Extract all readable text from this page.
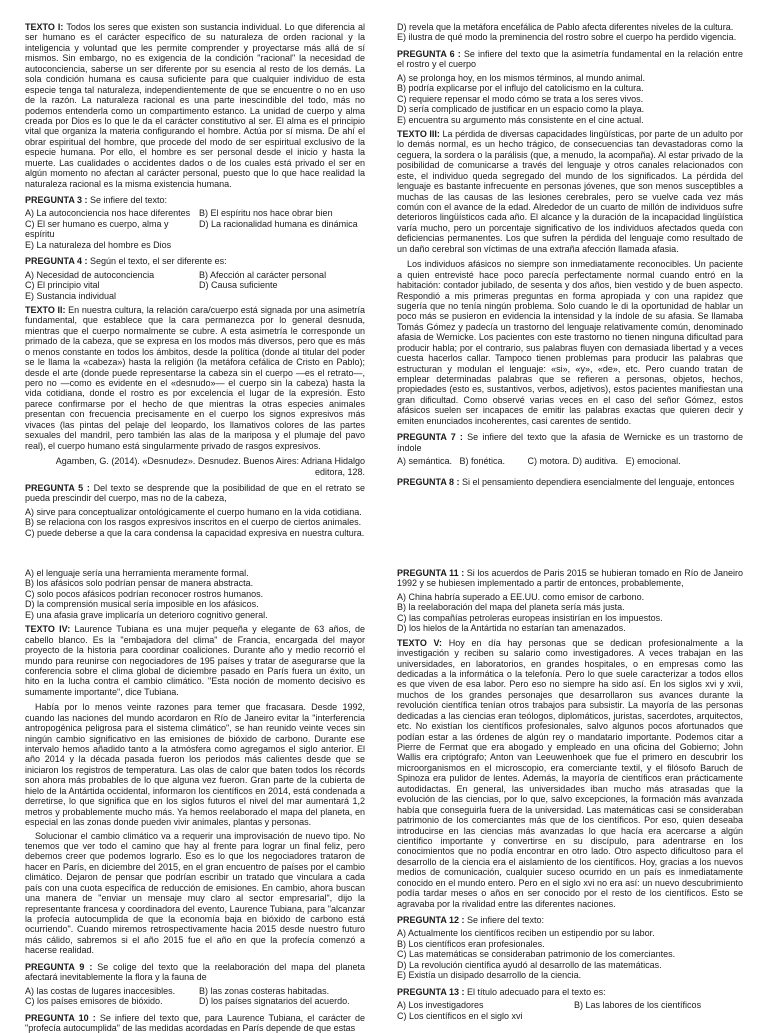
TEXTO I: Todos los seres que existen son sustancia individual. Lo que diferencia al ser humano es el carácter específico de su naturaleza de orden racional y la inteligencia y voluntad que les permite comprender y proyectarse más allá de sí mismos. Sin embargo, no es exigencia de la condición "racional" la necesidad de autoconciencia, saberse un ser diferente por su esencia al resto de los demás. La sola condición humana es causa suficiente para que cualquier individuo de esta especie tenga tal naturaleza, independientemente de que se encuentre o no en uso de la razón. La naturaleza racional es una parte inescindible del todo, más no podemos entenderla como un compartimento estanco. La unidad de cuerpo y alma creada por Dios es lo que le da el carácter constitutivo al ser. El alma es el principio vital que organiza la materia configurando el hombre. Actúa por sí misma. De ahí el obrar espiritual del hombre, que procede del modo de ser espiritual exclusivo de la especie humana. Por ello, el hombre es ser personal desde el inicio y hasta la muerte. Las cualidades o accidentes dados o de los cuales está privado el ser en algún momento no afectan al carácter personal, puesto que lo que hace realidad la naturaleza racional es la misma existencia humana.

PREGUNTA 3 : Se infiere del texto:
A) La autoconciencia nos hace diferentes B) El espíritu nos hace obrar bien
C) El ser humano es cuerpo, alma y espíritu
D) La racionalidad humana es dinámica
E) La naturaleza del hombre es Dios
PREGUNTA 4 : Según el texto, el ser diferente es:
A) Necesidad de autoconciencia	B) Afección al carácter personal
C) El principio vital	D) Causa suficiente
E) Sustancia individual

TEXTO II: En nuestra cultura, la relación cara/cuerpo está signada por una asimetría fundamental, que establece que la cara permanezca por lo general desnuda, mientras que el cuerpo normalmente se cubre. A esta asimetría le corresponde un primado de la cabeza, que se expresa en los modos más diversos, pero que es más o menos constante en todos los ámbitos, desde la política (donde al titular del poder se le llama la «cabeza») hasta la religión (la metáfora cefálica de Cristo en Pablo); desde el arte (donde puede representarse la cabeza sin el cuerpo —es el retrato—, pero no —como es evidente en el «desnudo»— el cuerpo sin la cabeza) hasta la vida cotidiana, donde el rostro es por excelencia el lugar de la expresión. Esto parece confirmarse por el hecho de que mientras la otras especies animales presentan con frecuencia precisamente en el cuerpo los signos expresivos más vivaces (las pintas del pelaje del leopardo, los llamativos colores de las partes sexuales del mandril, pero también las alas de la mariposa y el plumaje del pavo real), el cuerpo humano está singularmente privado de rasgos expresivos.

Agamben, G. (2014). «Desnudez». Desnudez. Buenos Aires: Adriana Hidalgo
editora, 128.
PREGUNTA 5 : Del texto se desprende que la posibilidad de que en el retrato se pueda prescindir del cuerpo, mas no de la cabeza,
A) sirve para conceptualizar ontológicamente el cuerpo humano en la vida cotidiana.
B) se relaciona con los rasgos expresivos inscritos en el cuerpo de ciertos animales.
C) puede deberse a que la cara condensa la capacidad expresiva en nuestra cultura.
D) revela que la metáfora encefálica de Pablo afecta diferentes niveles de la cultura.
E) ilustra de qué modo la preminencia del rostro sobre el cuerpo ha perdido vigencia.
PREGUNTA 6 : Se infiere del texto que la asimetría fundamental en la relación entre el rostro y el cuerpo
A) se prolonga hoy, en los mismos términos, al mundo animal.
B) podría explicarse por el influjo del catolicismo en la cultura.
C) requiere repensar el modo cómo se trata a los seres vivos.
D) sería complicado de justificar en un espacio como la playa.
E) encuentra su argumento más consistente en el cine actual.

TEXTO III: La pérdida de diversas capacidades lingüísticas, por parte de un adulto por lo demás normal, es un hecho trágico, de consecuencias tan devastadoras como la ceguera, la sordera o la parálisis (que, a menudo, la acompaña). Al estar privado de la posibilidad de comunicarse a través del lenguaje y otros canales relacionados con este, el individuo queda segregado del mundo de los significados. La pérdida del lenguaje es bastante infrecuente en personas jóvenes, que son menos susceptibles a muchas de las causas de las lesiones cerebrales, pero se vuelve cada vez más común con el avance de la edad. Alrededor de un cuarto de millón de individuos sufre deterioros lingüísticos cada año. El alcance y la duración de la incapacidad lingüística varía mucho, pero un porcentaje significativo de los individuos afectados queda con deficiencias permanentes. Los que sufren la pérdida del lenguaje como resultado de un daño cerebral son víctimas de una extraña afección llamada afasia.

Los individuos afásicos no siempre son inmediatamente reconocibles. Un paciente a quien entrevisté hace poco parecía perfectamente normal cuando entró en la habitación: contador jubilado, de sesenta y dos años, bien vestido y de buen aspecto. Respondió a mis primeras preguntas en forma apropiada y con una rapidez que sugería que no tenía ningún problema. Solo cuando le di la oportunidad de hablar un poco más se pusieron en evidencia la intensidad y la índole de su afasia. Se llamaba Tomás Gómez y padecía un trastorno del lenguaje relativamente común, denominado afasia de Wernicke. Los pacientes con este trastorno no tienen ninguna dificultad para producir habla; por el contrario, sus palabras fluyen con demasiada libertad y a veces cuesta hacerlos callar. Tampoco tienen problemas para producir las palabras que estructuran y modulan el lenguaje: «si», «y», «de», etc. Pero cuando tratan de emplear determinadas palabras que se refieren a personas, objetos, hechos, propiedades (esto es, sustantivos, verbos, adjetivos), estos pacientes manifiestan una gran dificultad. Como observé varias veces en el caso del señor Gómez, estos afásicos suelen ser incapaces de emitir las palabras exactas que quieren decir y emiten enunciados incoherentes, casi carentes de sentido.

PREGUNTA 7 : Se infiere del texto que la afasia de Wernicke es un trastorno de índole
A) semántica.   B) fonética.         C) motora. D) auditiva.   E) emocional.
PREGUNTA 8 : Si el pensamiento dependiera esencialmente del lenguaje, entonces
A) el lenguaje sería una herramienta meramente formal.
B) los afásicos solo podrían pensar de manera abstracta.
C) solo pocos afásicos podrían reconocer rostros humanos.
D) la comprensión musical sería imposible en los afásicos.
E) una afasia grave implicaría un deterioro cognitivo general.

TEXTO IV: Laurence Tubiana es una mujer pequeña y elegante de 63 años, de cabello blanco. Es la "embajadora del clima" de Francia, encargada del mayor proyecto de la historia para coordinar coaliciones. Durante año y medio recorrió el mundo para reunirse con negociadores de 195 países y tratar de asegurarse que la conferencia sobre el clima global de diciembre pasado en París fuera un éxito, un hito en la lucha contra el cambio climático. "Esta noción de momento decisivo es sumamente importante", dice Tubiana.

Había por lo menos veinte razones para temer que fracasara. Desde 1992, cuando las naciones del mundo acordaron en Río de Janeiro evitar la "interferencia antropogénica peligrosa para el sistema climático", se han reunido veinte veces sin ningún cambio significativo en las emisiones de bióxido de carbono. Durante ese intervalo hemos añadido tanto a la atmósfera como agregamos el siglo anterior. El año 2014 y la década pasada fueron los periodos más calientes desde que se iniciaron los registros de temperatura. Las olas de calor que baten todos los récords son ahora más probables de lo que alguna vez fueron. Gran parte de la cubierta de hielo de la Antártida occidental, informaron los científicos en 2014, está condenada a derretirse, lo que significa que en los siglos futuros el nivel del mar aumentará 1,2 metros y probablemente mucho más. Ya hemos reelaborado el mapa del planeta, en especial en las zonas donde pueden vivir animales, plantas y personas.

Solucionar el cambio climático va a requerir una improvisación de nuevo tipo. No tenemos que ver todo el camino que hay al frente para lograr un final feliz, pero debemos creer que podemos lograrlo. Eso es lo que los negociadores trataron de hacer en París, en diciembre del 2015, en el gran encuentro de países por el cambio climático. Dejaron de pensar que podrían escribir un tratado que vinculara a cada país con una cuota específica de reducción de emisiones. En cambio, ahora buscan una manera de "enviar un mensaje muy claro al sector empresarial", dijo la representante francesa y coordinadora del evento, Laurence Tubiana, para "alcanzar la profecía autocumplida de que la economía baja en bióxido de carbono está ocurriendo". Cuando miremos retrospectivamente hacia 2015 desde nuestro futuro más cálido, sabremos si el año 2015 fue el año en que la profecía comenzó a hacerse realidad.

PREGUNTA 9 : Se colige del texto que la reelaboración del mapa del planeta afectará inevitablemente la flora y la fauna de
A) las costas de lugares inaccesibles.	B) las zonas costeras habitadas.
C) los países emisores de bióxido.	D) los países signatarios del acuerdo.
PREGUNTA 10 : Se infiere del texto que, para Laurence Tubiana, el carácter de "profecía autocumplida" de las medidas acordadas en París depende de que estas
PREGUNTA 11 : Si los acuerdos de Paris 2015 se hubieran tomado en Río de Janeiro 1992 y se hubiesen implementado a partir de entonces, probablemente,
A) China habría superado a EE.UU. como emisor de carbono.
B) la reelaboración del mapa del planeta sería más justa.
C) las compañías petroleras europeas insistirían en los impuestos.
D) los hielos de la Antártida no estarían tan amenazados.

TEXTO V: Hoy en día hay personas que se dedican profesionalmente a la investigación y reciben su salario como investigadores. A veces trabajan en las universidades, en laboratorios, en grandes hospitales, o en empresas como las dedicadas a la informática o la telefonía. Pero lo que suele caracterizar a todos ellos es que viven de esa labor. Pero eso no siempre ha sido así. En los siglos xvi y xvii, muchos de los grandes personajes que desarrollaron sus avances durante la revolución científica tenían otros trabajos para subsistir. La mayoría de las personas dedicadas a las ciencias eran teólogos, diplomáticos, juristas, sacerdotes, arquitectos, etc. No existían los científicos profesionales, salvo algunos pocos afortunados que podían estar a las órdenes de algún rey o mandatario importante. Podemos citar a Pierre de Fermat que era abogado y empleado en una oficina del Gobierno; John Wallis era criptógrafo; Anton van Leeuwenhoek que fue el primero en descubrir los microorganismos en el microscopio, era comerciante textil, y el filósofo Baruch de Spinoza era pulidor de lentes. Además, la mayoría de científicos eran prácticamente autodidactas. En general, las universidades iban mucho más atrasadas que la evolución de las ciencias, por lo que, salvo excepciones, la formación más avanzada había que conseguirla fuera de la universidad. Las matemáticas casi se consideraban patrimonio de los comerciantes más que de los científicos. Por eso, quien deseaba introducirse en las ciencias más avanzadas lo que hacía era acercarse a algún científico importante y convertirse en su discípulo, para adentrarse en los conocimientos que no podía encontrar en otro lado. Otro aspecto dificultoso para el desarrollo de la ciencia era el aislamiento de los científicos. Hoy, gracias a los nuevos medios de comunicación, cualquier suceso ocurrido en un país es inmediatamente conocido en el mundo entero. Pero en el siglo xvi no era así: un nuevo descubrimiento podía tardar meses o años en ser conocido por el resto de los científicos. Esto se agravaba por la rivalidad entre las diferentes naciones.

PREGUNTA 12 : Se infiere del texto:
A) Actualmente los científicos reciben un estipendio por su labor.
B) Los científicos eran profesionales.
C) Las matemáticas se consideraban patrimonio de los comerciantes.
D) La revolución científica ayudó al desarrollo de las matemáticas.
E) Existía un disipado desarrollo de la ciencia.
PREGUNTA 13 : El título adecuado para el texto es:
A) Los investigadores	B) Las labores de los científicos
C) Los científicos en el siglo xvi
